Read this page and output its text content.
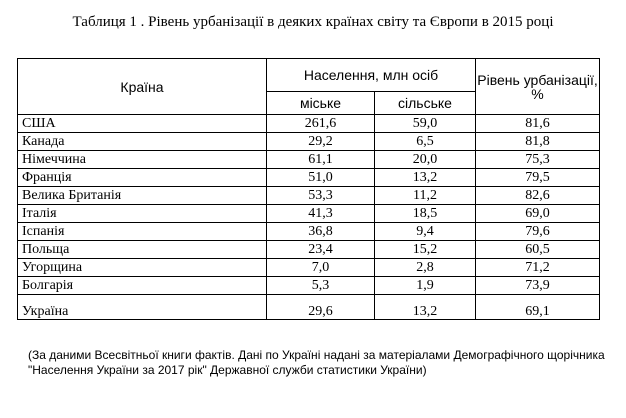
Таблиця 1 . Рівень урбанізації в деяких країнах світу та Європи в 2015 році
Країна	Населення, млн осіб		Рівень урбанізації, %
	міське	сільське	
США	261,6	59,0	81,6
Канада	29,2	6,5	81,8
Німеччина	61,1	20,0	75,3
Франція	51,0	13,2	79,5
Велика Британія	53,3	11,2	82,6
Італія	41,3	18,5	69,0
Іспанія	36,8	9,4	79,6
Польща	23,4	15,2	60,5
Угорщина	7,0	2,8	71,2
Болгарія	5,3	1,9	73,9
Україна	29,6	13,2	69,1

(За даними Всесвітньої книги фактів. Дані по Україні надані за матеріалами Демографічного щорічника

"Населення України за 2017 рік" Державної служби статистики України)
